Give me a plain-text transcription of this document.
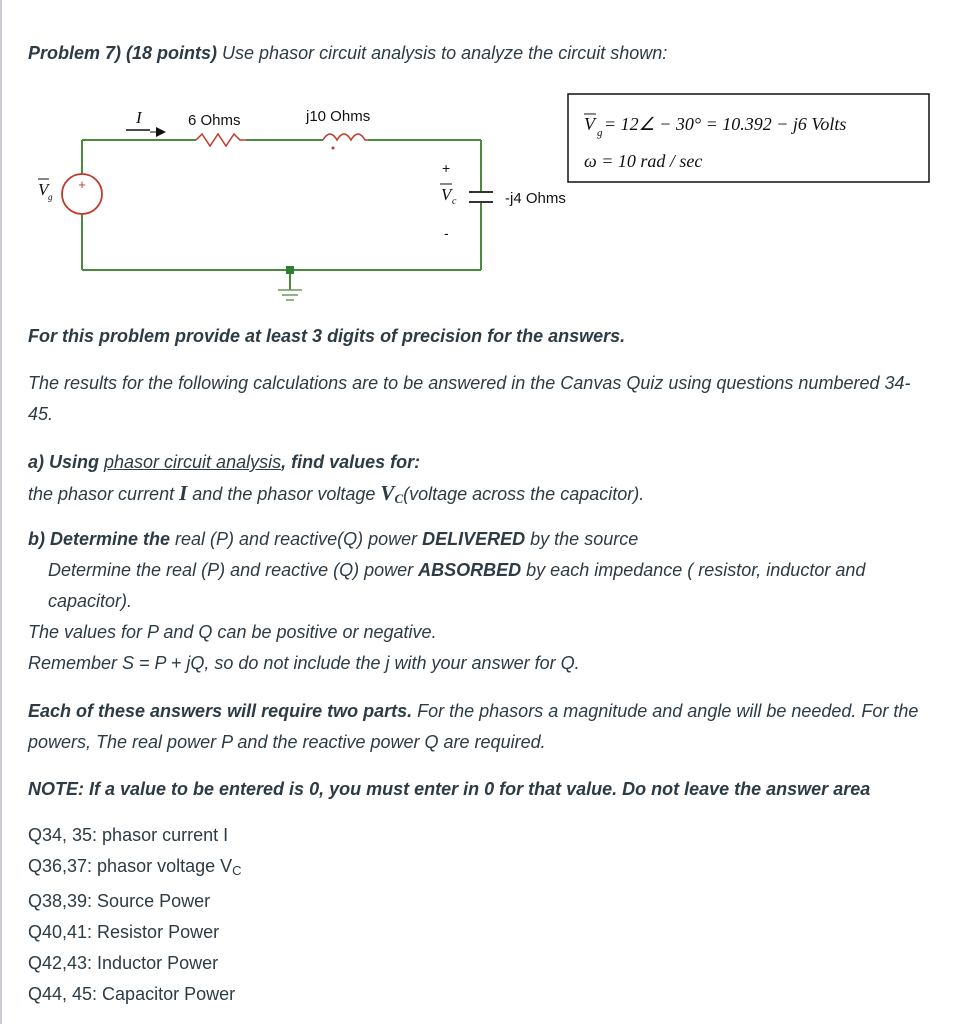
Problem 7) (18 points) Use phasor circuit analysis to analyze the circuit shown:

+
I	6 Ohms	j10 Ohms
-j4 Ohms
V g
+
V c
-
V g = 12∠ − 30° = 10.392 − j6 Volts
ω = 10 rad / sec

For this problem provide at least 3 digits of precision for the answers.

The results for the following calculations are to be answered in the Canvas Quiz using questions numbered 34-45.

a) Using phasor circuit analysis, find values for:

the phasor current I and the phasor voltage $V_C(voltage$ across the capacitor).

b) Determine the real (P) and reactive(Q) power DELIVERED by the source

Determine the real (P) and reactive (Q) power ABSORBED by each impedance ( resistor, inductor and capacitor).

The values for P and Q can be positive or negative.

Remember S = P + jQ, so do not include the j with your answer for Q.

Each of these answers will require two parts. For the phasors a magnitude and angle will be needed. For the powers, The real power P and the reactive power Q are required.

NOTE: If a value to be entered is 0, you must enter in 0 for that value. Do not leave the answer area

Q34, 35: phasor current I

Q36,37: phasor voltage $V_C$

Q38,39: Source Power

Q40,41: Resistor Power

Q42,43: Inductor Power

Q44, 45: Capacitor Power
